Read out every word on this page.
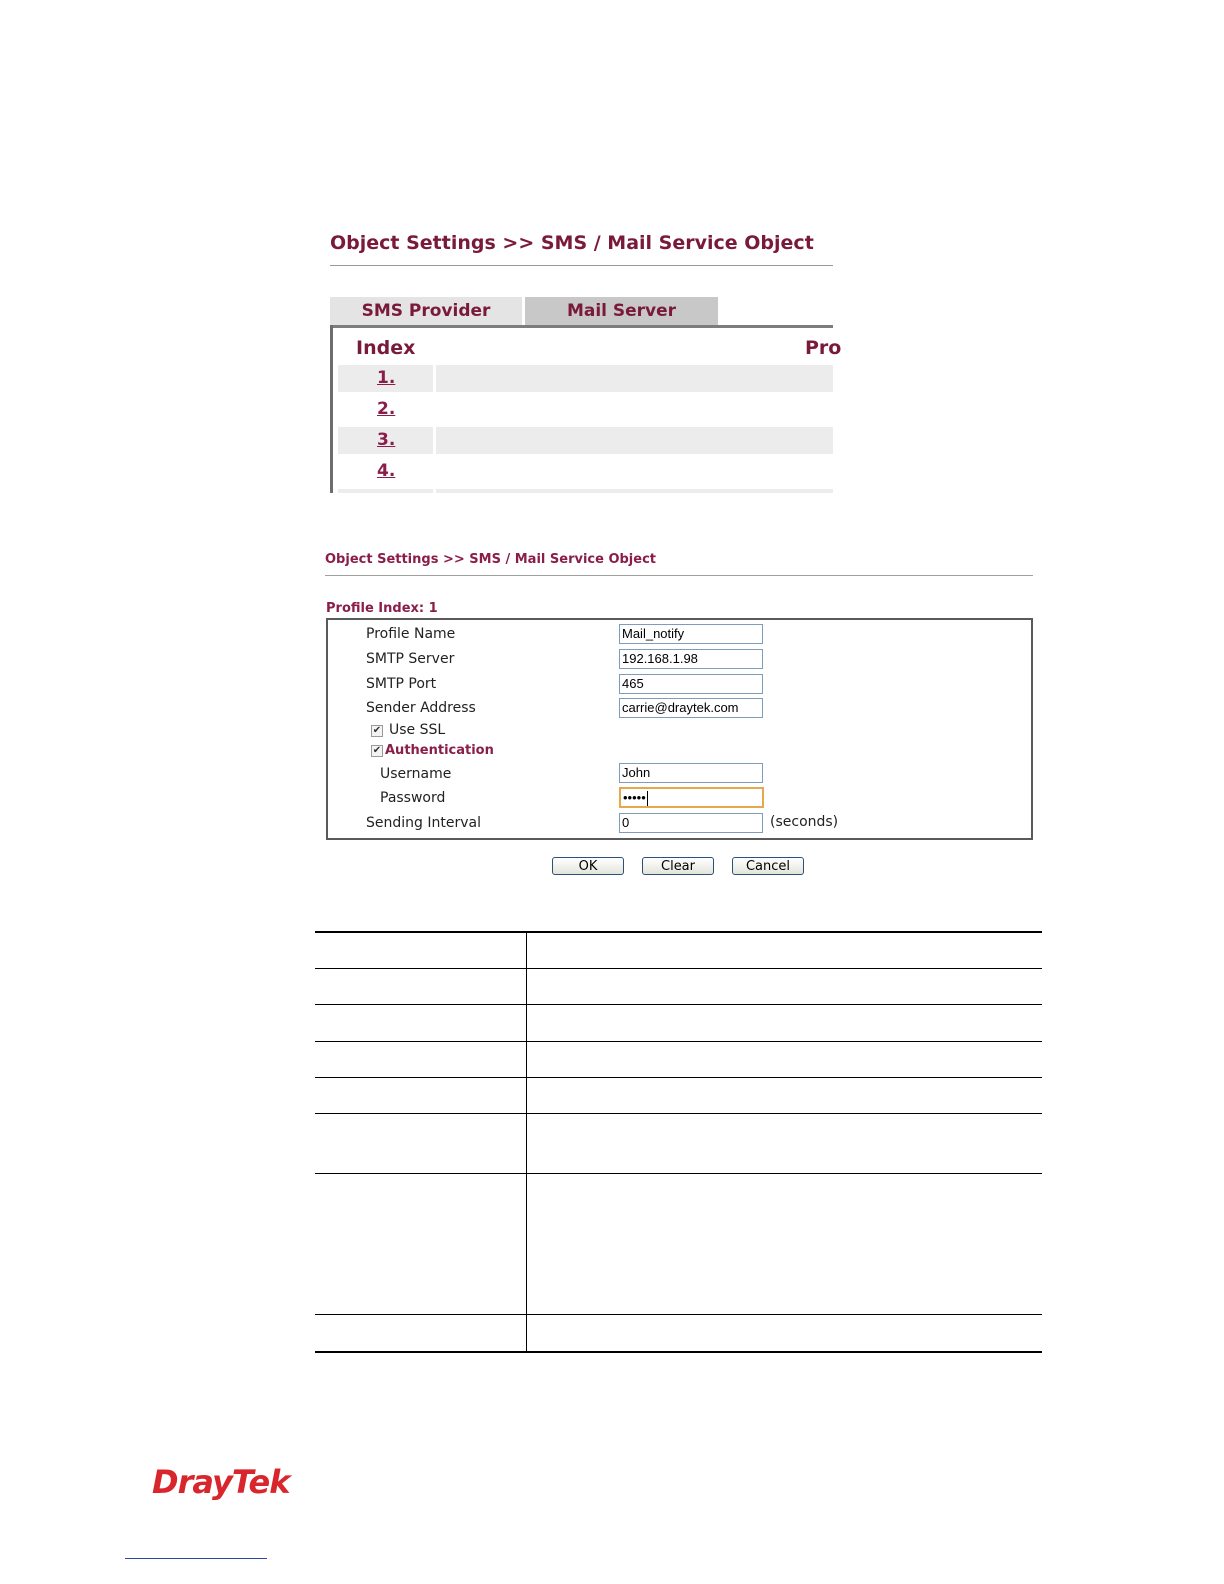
Object Settings >> SMS / Mail Service Object
SMS Provider	Mail Server
Index	Pro
1.
2.
3.
4.
Object Settings >> SMS / Mail Service Object
Profile Index: 1
Profile Name	Mail_notify
SMTP Server	192.168.1.98
SMTP Port	465
Sender Address	carrie@draytek.com
✔ Use SSL
✔ Authentication
Username	John
Password	•••••
Sending Interval	0	(seconds)
OK	Clear	Cancel
DrayTek
